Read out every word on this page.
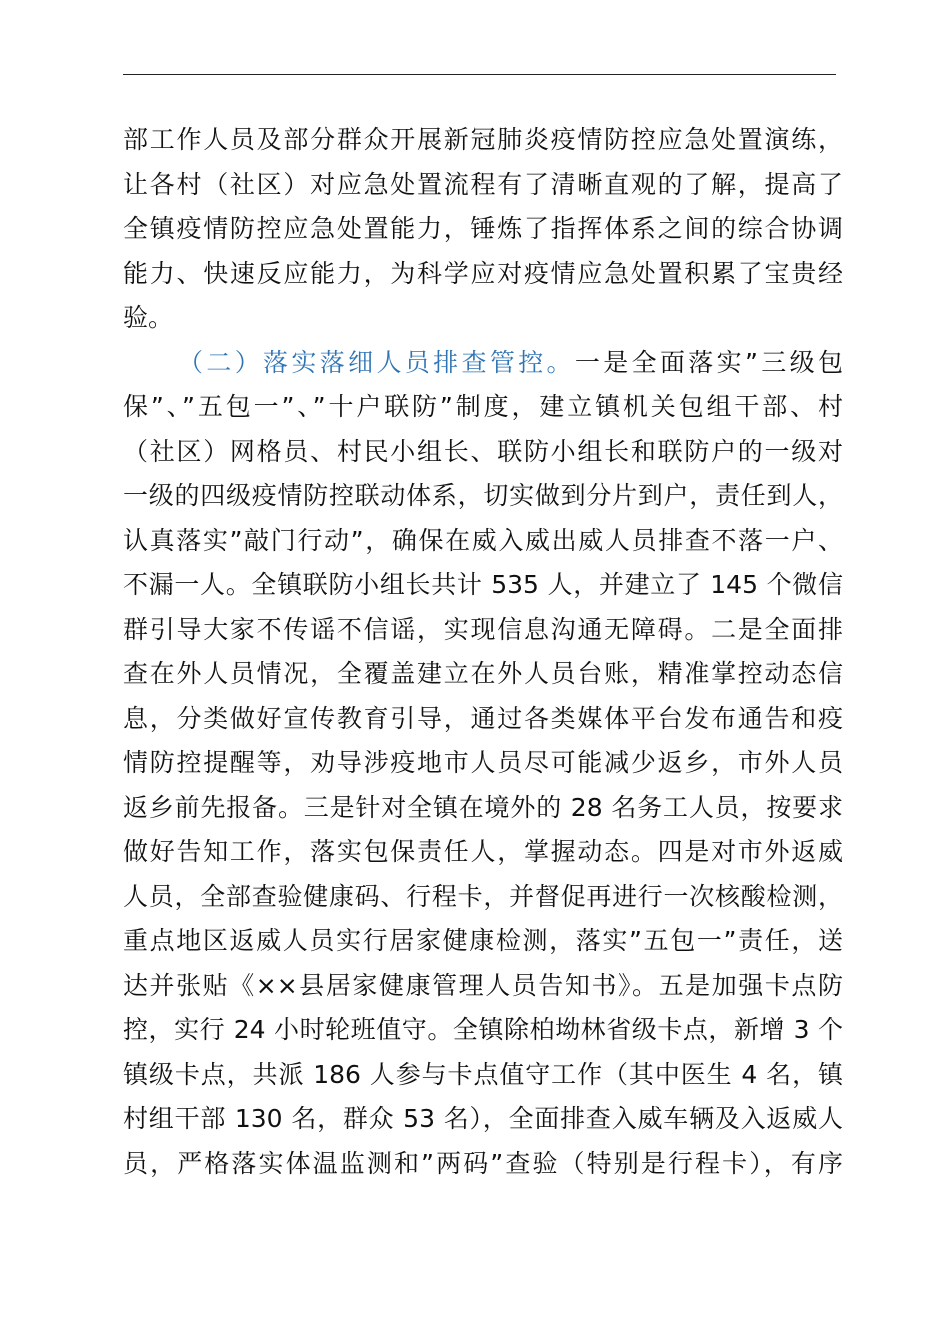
部工作人员及部分群众开展新冠肺炎疫情防控应急处置演练，
让各村（社区）对应急处置流程有了清晰直观的了解，提高了
全镇疫情防控应急处置能力，锤炼了指挥体系之间的综合协调
能力、快速反应能力，为科学应对疫情应急处置积累了宝贵经
验。
（二）落实落细人员排查管控。一是全面落实”三级包
保”、”五包一”、”十户联防”制度，建立镇机关包组干部、村
（社区）网格员、村民小组长、联防小组长和联防户的一级对
一级的四级疫情防控联动体系，切实做到分片到户，责任到人，
认真落实”敲门行动”，确保在威入威出威人员排查不落一户、
不漏一人。全镇联防小组长共计 535 人，并建立了 145 个微信
群引导大家不传谣不信谣，实现信息沟通无障碍。二是全面排
查在外人员情况，全覆盖建立在外人员台账，精准掌控动态信
息，分类做好宣传教育引导，通过各类媒体平台发布通告和疫
情防控提醒等，劝导涉疫地市人员尽可能减少返乡，市外人员
返乡前先报备。三是针对全镇在境外的 28 名务工人员，按要求
做好告知工作，落实包保责任人，掌握动态。四是对市外返威
人员，全部查验健康码、行程卡，并督促再进行一次核酸检测，
重点地区返威人员实行居家健康检测，落实”五包一”责任，送
达并张贴《××县居家健康管理人员告知书》。五是加强卡点防
控，实行 24 小时轮班值守。全镇除柏坳林省级卡点，新增 3 个
镇级卡点，共派 186 人参与卡点值守工作（其中医生 4 名，镇
村组干部 130 名，群众 53 名），全面排查入威车辆及入返威人
员，严格落实体温监测和”两码”查验（特别是行程卡），有序
